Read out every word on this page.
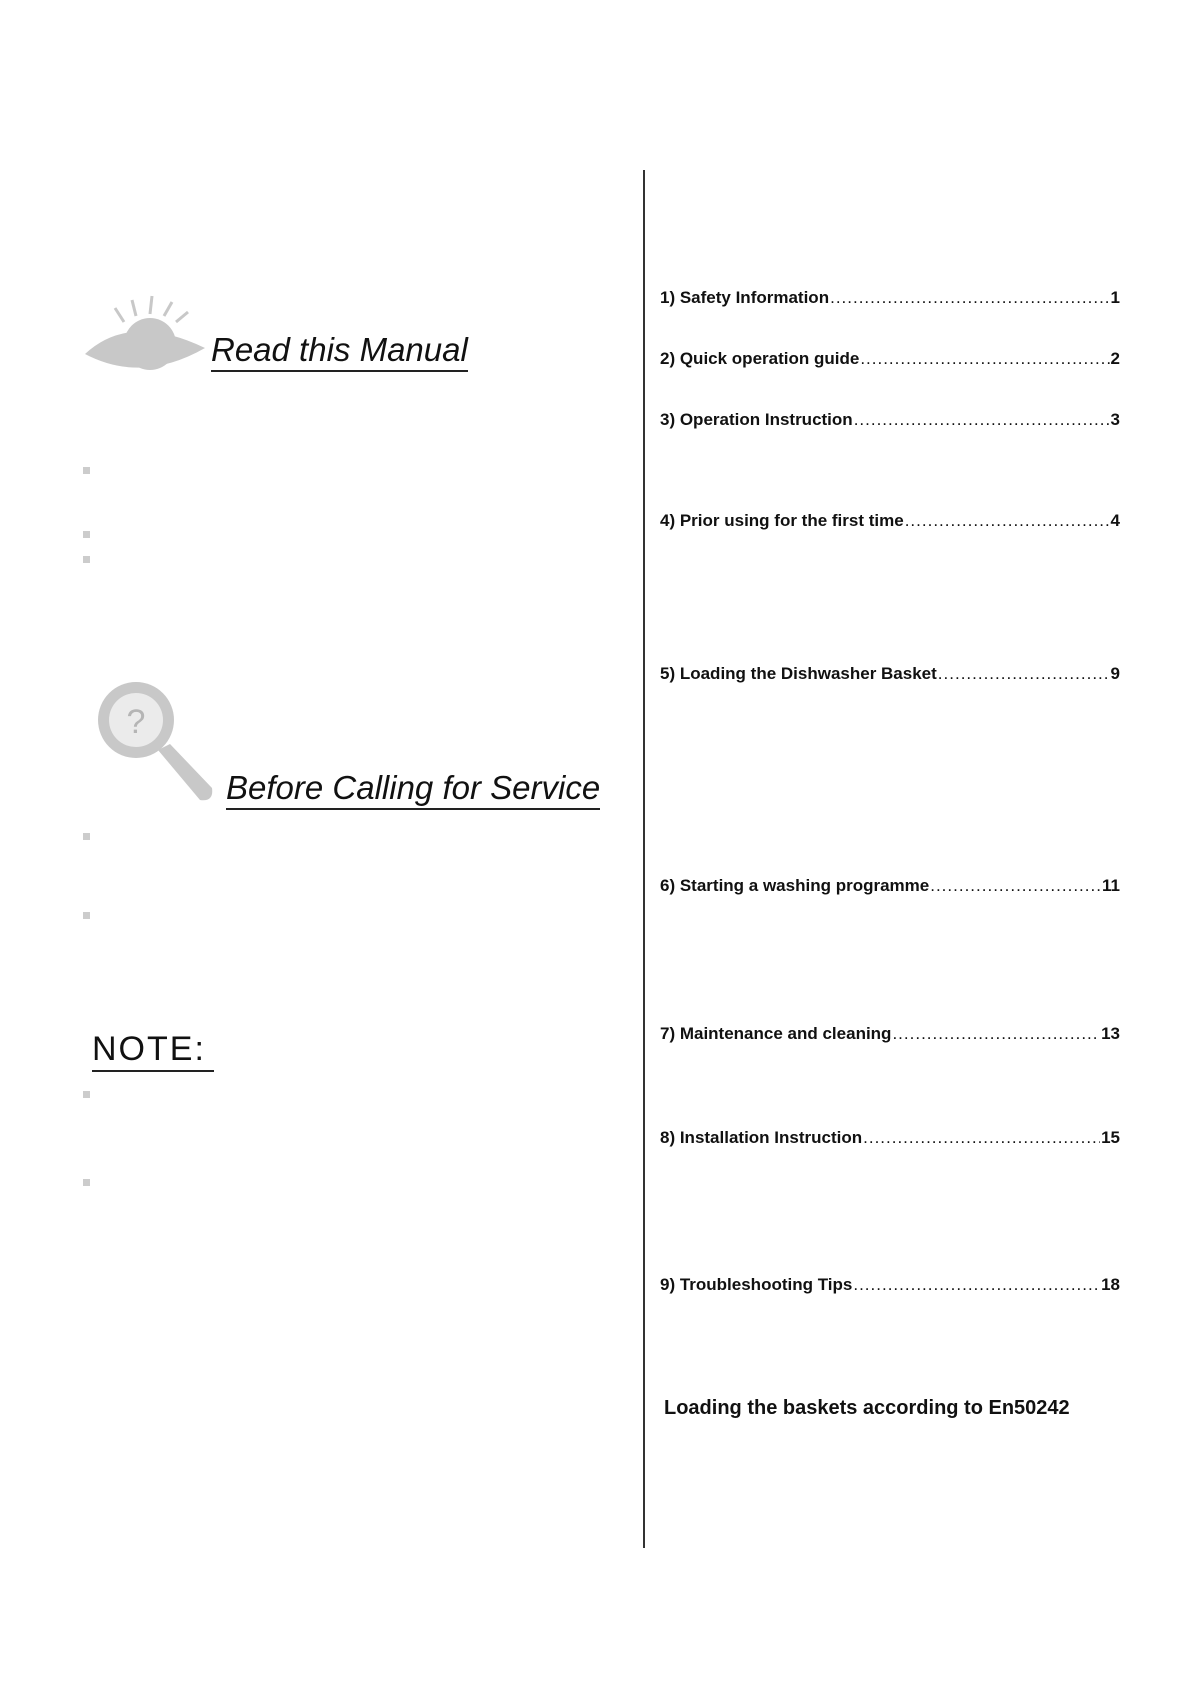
Read this Manual
?
Before Calling for Service
NOTE:
1) Safety Information .....	1
2) Quick operation guide .....	2
3) Operation Instruction .....	3
4) Prior using for the first time .....	4
5) Loading the Dishwasher Basket .....	9
6) Starting a washing programme .....	11
7) Maintenance and cleaning .....	13
8) Installation Instruction .....	15
9) Troubleshooting Tips .....	18
Loading the baskets according to En50242
